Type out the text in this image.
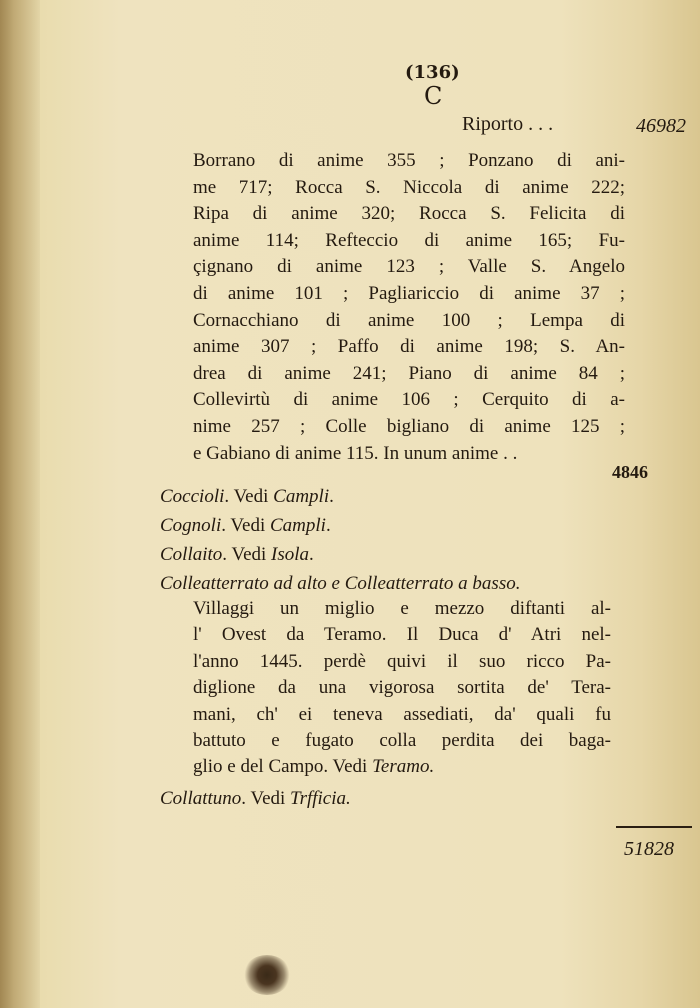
(136)
C
Riporto . . .	46982
Borrano di anime 355 ; Ponzano di ani-
me 717; Rocca S. Niccola di anime 222;
Ripa di anime 320; Rocca S. Felicita di
anime 114; Refteccio di anime 165; Fu-
çignano di anime 123 ; Valle S. Angelo
di anime 101 ; Pagliariccio di anime 37 ;
Cornacchiano di anime 100 ; Lempa di
anime 307 ; Paffo di anime 198; S. An-
drea di anime 241; Piano di anime 84 ;
Collevirtù di anime 106 ; Cerquito di a-
nime 257 ; Colle bigliano di anime 125 ;
e Gabiano di anime 115. In unum anime . .
4846
Coccioli. Vedi Campli.
Cognoli. Vedi Campli.
Collaito. Vedi Isola.
Colleatterrato ad alto e Colleatterrato a basso.
Villaggi un miglio e mezzo diftanti al-
l' Ovest da Teramo. Il Duca d' Atri nel-
l'anno 1445. perdè quivi il suo ricco Pa-
diglione da una vigorosa sortita de' Tera-
mani, ch' ei teneva assediati, da' quali fu
battuto e fugato colla perdita dei baga-
glio e del Campo. Vedi Teramo.
Collattuno. Vedi Trfficia.
51828
